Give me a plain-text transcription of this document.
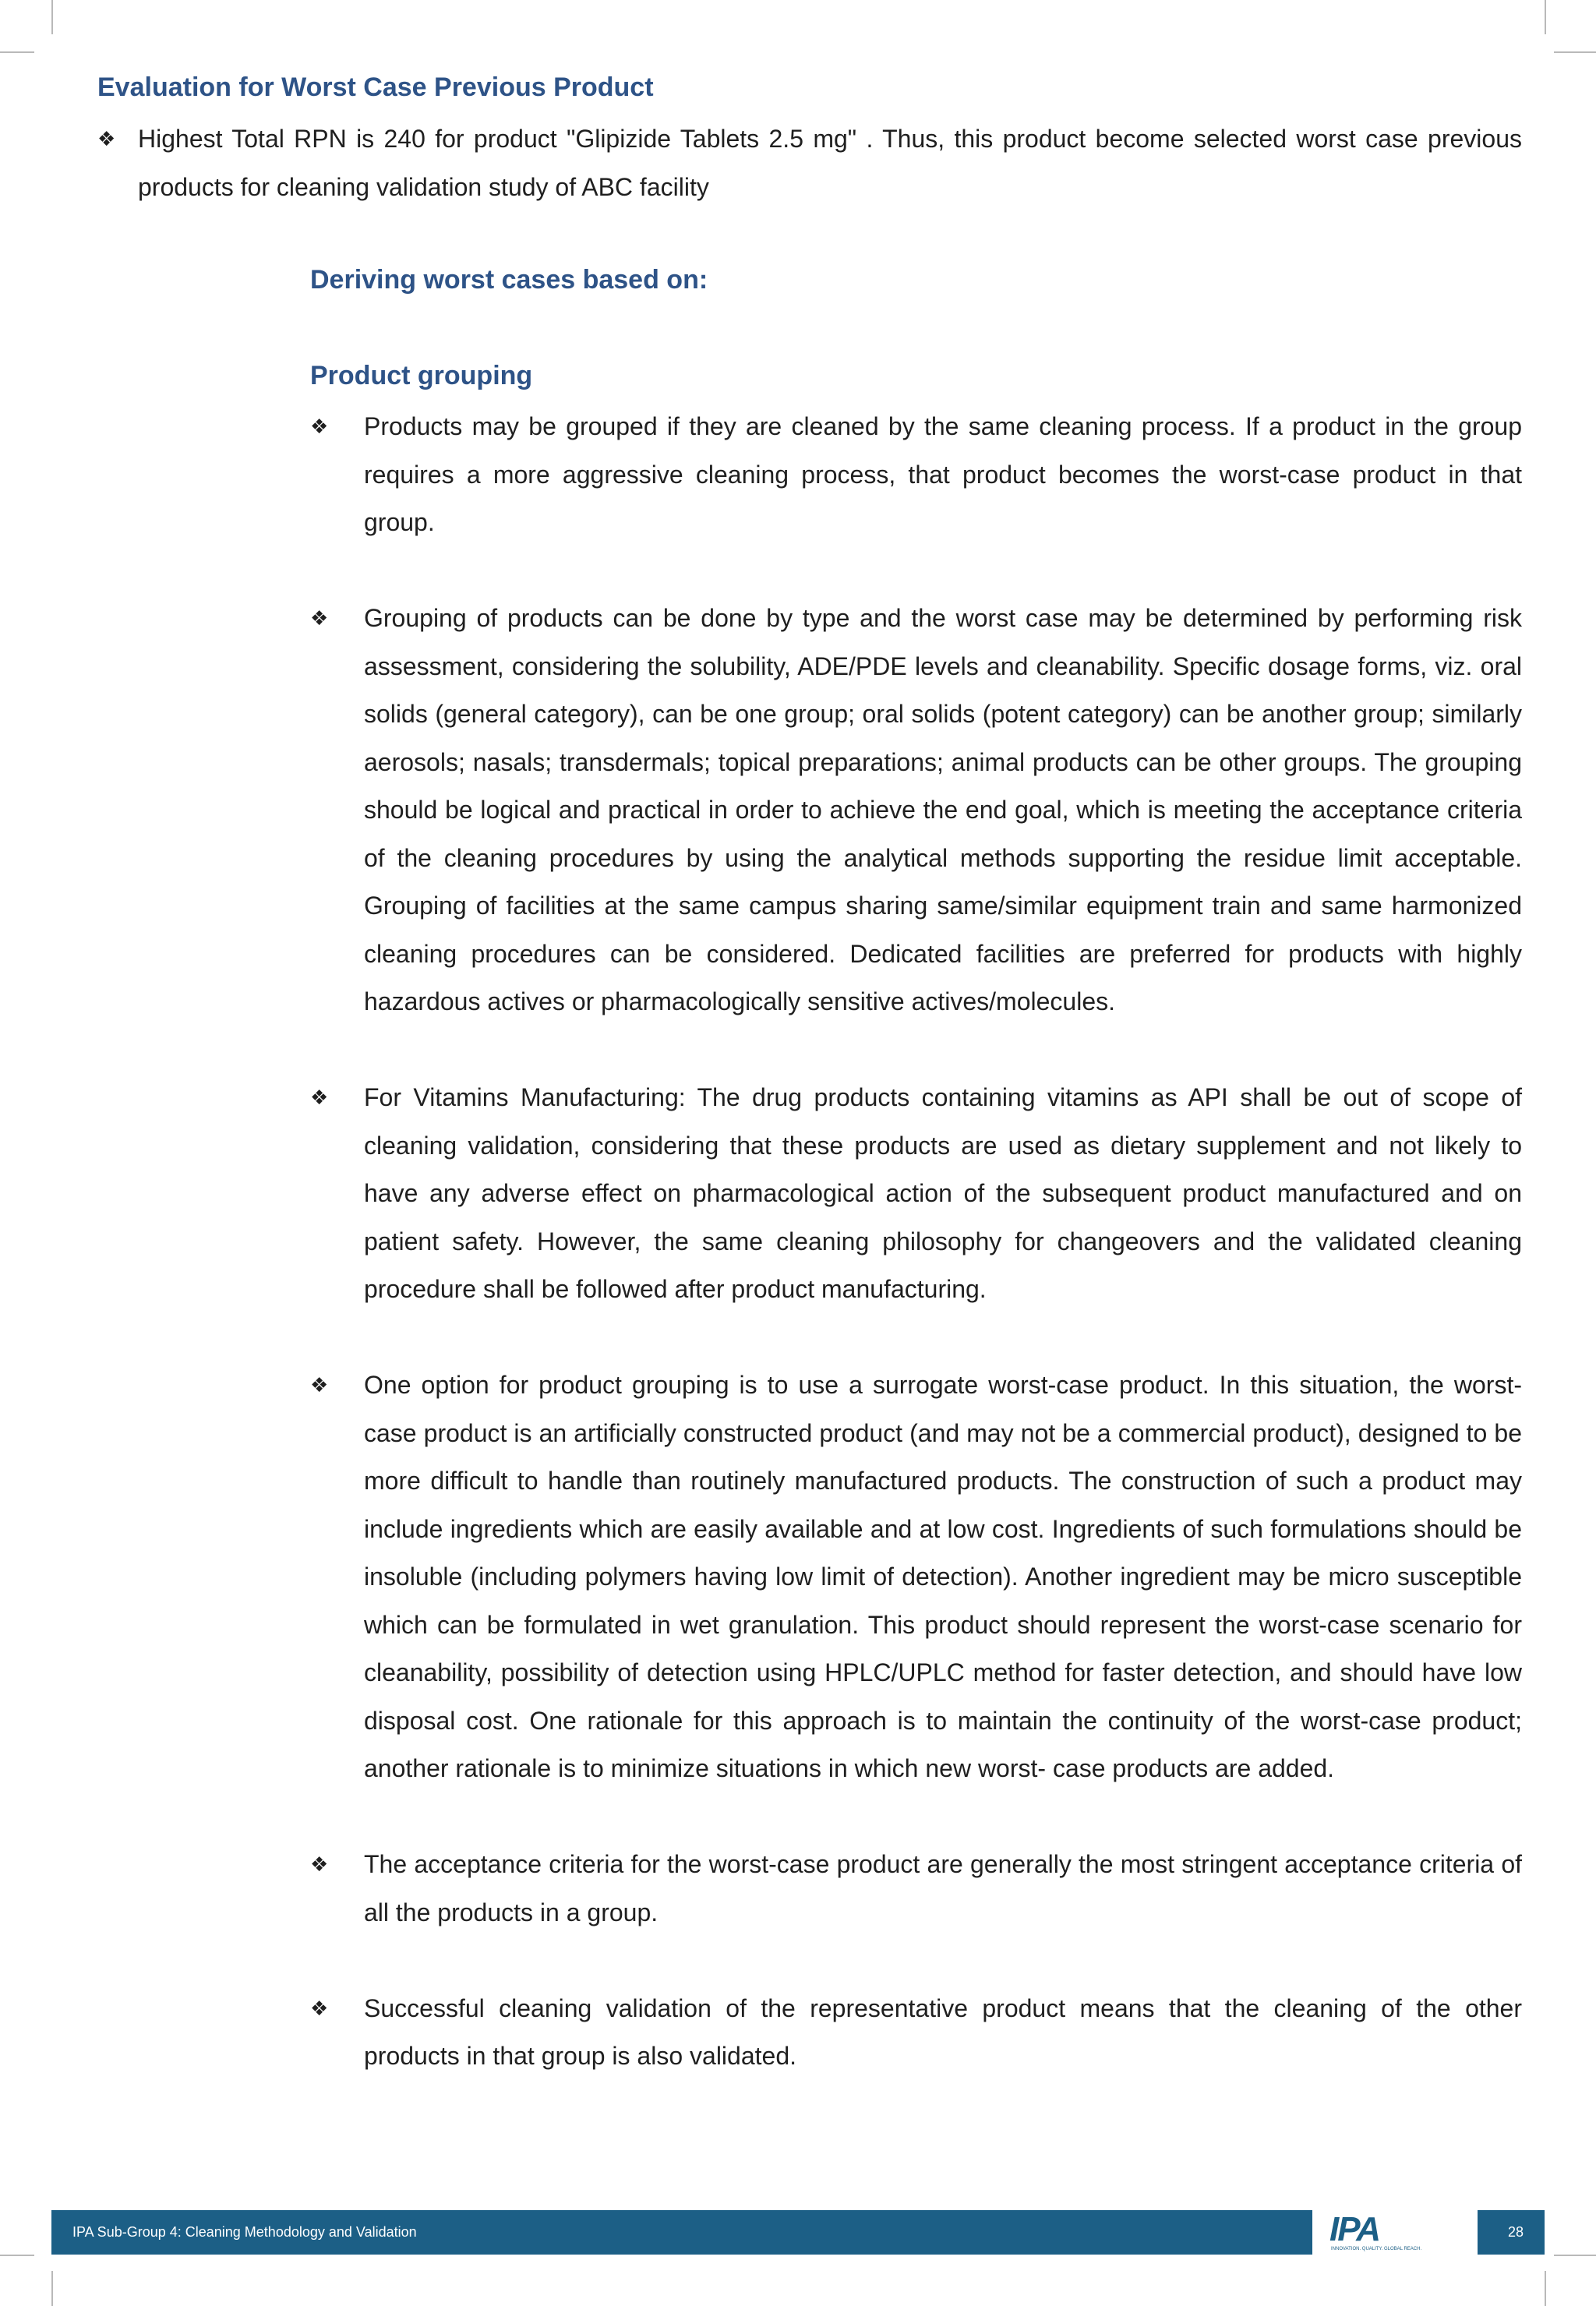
Evaluation for Worst Case Previous Product
❖ Highest Total RPN is 240 for product "Glipizide Tablets 2.5 mg" . Thus, this product become selected worst case previous products for cleaning validation study of ABC facility
Deriving worst cases based on:
Product grouping
❖ Products may be grouped if they are cleaned by the same cleaning process. If a product in the group requires a more aggressive cleaning process, that product becomes the worst-case product in that group.
❖ Grouping of products can be done by type and the worst case may be determined by performing risk assessment, considering the solubility, ADE/PDE levels and cleanability. Specific dosage forms, viz. oral solids (general category), can be one group; oral solids (potent category) can be another group; similarly aerosols; nasals; transdermals; topical preparations; animal products can be other groups. The grouping should be logical and practical in order to achieve the end goal, which is meeting the acceptance criteria of the cleaning procedures by using the analytical methods supporting the residue limit acceptable. Grouping of facilities at the same campus sharing same/similar equipment train and same harmonized cleaning procedures can be considered. Dedicated facilities are preferred for products with highly hazardous actives or pharmacologically sensitive actives/molecules.
❖ For Vitamins Manufacturing: The drug products containing vitamins as API shall be out of scope of cleaning validation, considering that these products are used as dietary supplement and not likely to have any adverse effect on pharmacological action of the subsequent product manufactured and on patient safety. However, the same cleaning philosophy for changeovers and the validated cleaning procedure shall be followed after product manufacturing.
❖ One option for product grouping is to use a surrogate worst-case product. In this situation, the worst-case product is an artificially constructed product (and may not be a commercial product), designed to be more difficult to handle than routinely manufactured products. The construction of such a product may include ingredients which are easily available and at low cost. Ingredients of such formulations should be insoluble (including polymers having low limit of detection). Another ingredient may be micro susceptible which can be formulated in wet granulation. This product should represent the worst-case scenario for cleanability, possibility of detection using HPLC/UPLC method for faster detection, and should have low disposal cost. One rationale for this approach is to maintain the continuity of the worst-case product; another rationale is to minimize situations in which new worst- case products are added.
❖ The acceptance criteria for the worst-case product are generally the most stringent acceptance criteria of all the products in a group.
❖ Successful cleaning validation of the representative product means that the cleaning of the other products in that group is also validated.
IPA Sub-Group 4: Cleaning Methodology and Validation	IPA
INNOVATION. QUALITY. GLOBAL REACH.
28
